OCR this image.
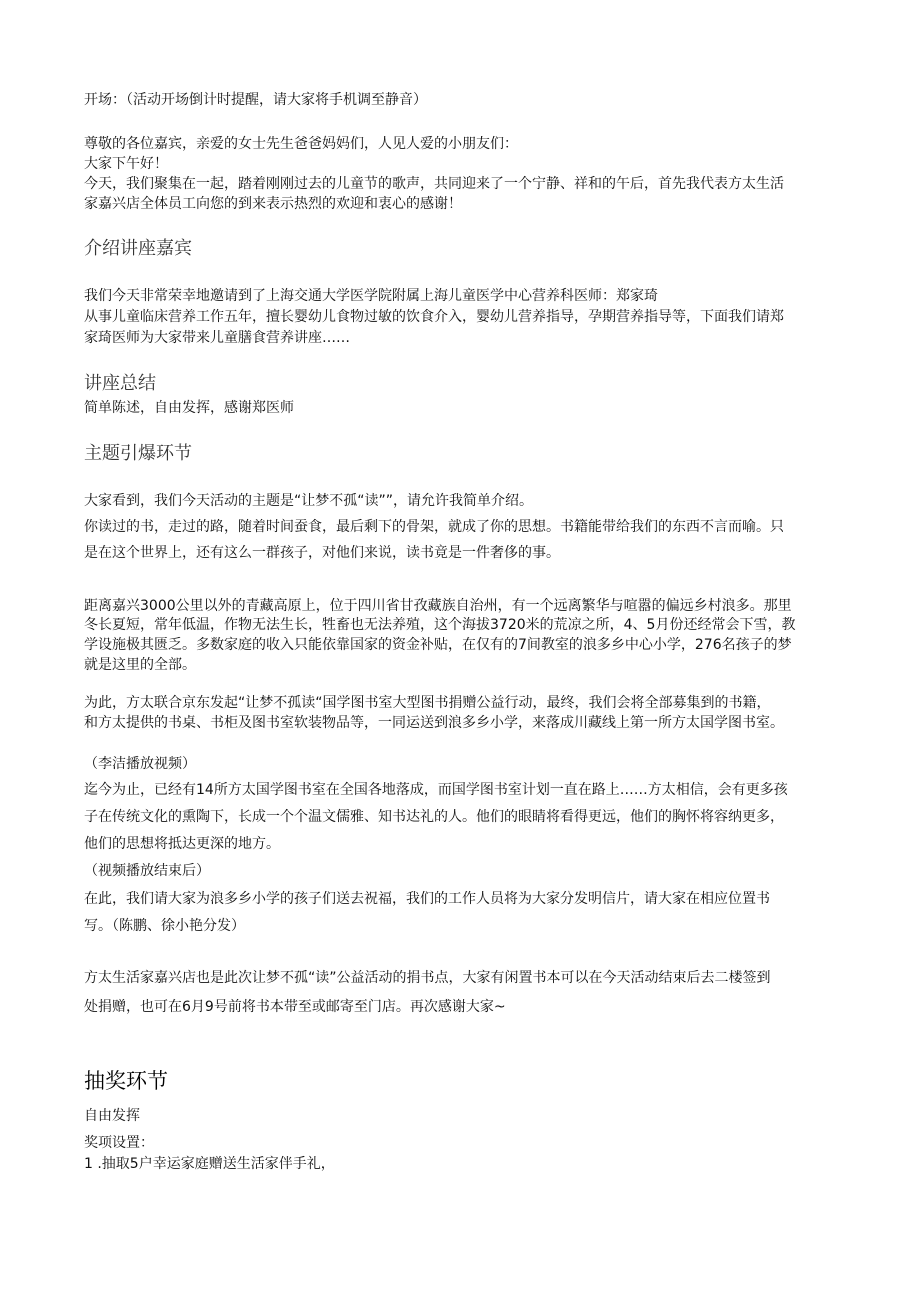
开场：（活动开场倒计时提醒，请大家将手机调至静音）

尊敬的各位嘉宾，亲爱的女士先生爸爸妈妈们，人见人爱的小朋友们：

大家下午好！

今天，我们聚集在一起，踏着刚刚过去的儿童节的歌声，共同迎来了一个宁静、祥和的午后，首先我代表方太生活

家嘉兴店全体员工向您的到来表示热烈的欢迎和衷心的感谢！

介绍讲座嘉宾

我们今天非常荣幸地邀请到了上海交通大学医学院附属上海儿童医学中心营养科医师：郑家琦

从事儿童临床营养工作五年，擅长婴幼儿食物过敏的饮食介入，婴幼儿营养指导，孕期营养指导等，下面我们请郑

家琦医师为大家带来儿童膳食营养讲座……

讲座总结

简单陈述，自由发挥，感谢郑医师

主题引爆环节

大家看到，我们今天活动的主题是“让梦不孤“读””，请允许我简单介绍。

你读过的书，走过的路，随着时间蚕食，最后剩下的骨架，就成了你的思想。书籍能带给我们的东西不言而喻。只

是在这个世界上，还有这么一群孩子，对他们来说，读书竟是一件奢侈的事。

距离嘉兴3000公里以外的青藏高原上，位于四川省甘孜藏族自治州，有一个远离繁华与喧嚣的偏远乡村浪多。那里

冬长夏短，常年低温，作物无法生长，牲畜也无法养殖，这个海拔3720米的荒凉之所，4、5月份还经常会下雪，教

学设施极其匮乏。多数家庭的收入只能依靠国家的资金补贴，在仅有的7间教室的浪多乡中心小学，276名孩子的梦

就是这里的全部。

为此，方太联合京东发起“让梦不孤读“国学图书室大型图书捐赠公益行动，最终，我们会将全部募集到的书籍，

和方太提供的书桌、书柜及图书室软装物品等，一同运送到浪多乡小学，来落成川藏线上第一所方太国学图书室。

（李洁播放视频）

迄今为止，已经有14所方太国学图书室在全国各地落成，而国学图书室计划一直在路上……方太相信，会有更多孩

子在传统文化的熏陶下，长成一个个温文儒雅、知书达礼的人。他们的眼睛将看得更远，他们的胸怀将容纳更多，

他们的思想将抵达更深的地方。

（视频播放结束后）

在此，我们请大家为浪多乡小学的孩子们送去祝福，我们的工作人员将为大家分发明信片，请大家在相应位置书

写。（陈鹏、徐小艳分发）

方太生活家嘉兴店也是此次让梦不孤“读”公益活动的捐书点，大家有闲置书本可以在今天活动结束后去二楼签到

处捐赠，也可在6月9号前将书本带至或邮寄至门店。再次感谢大家~

抽奖环节

自由发挥

奖项设置：

1 .抽取5户幸运家庭赠送生活家伴手礼，
